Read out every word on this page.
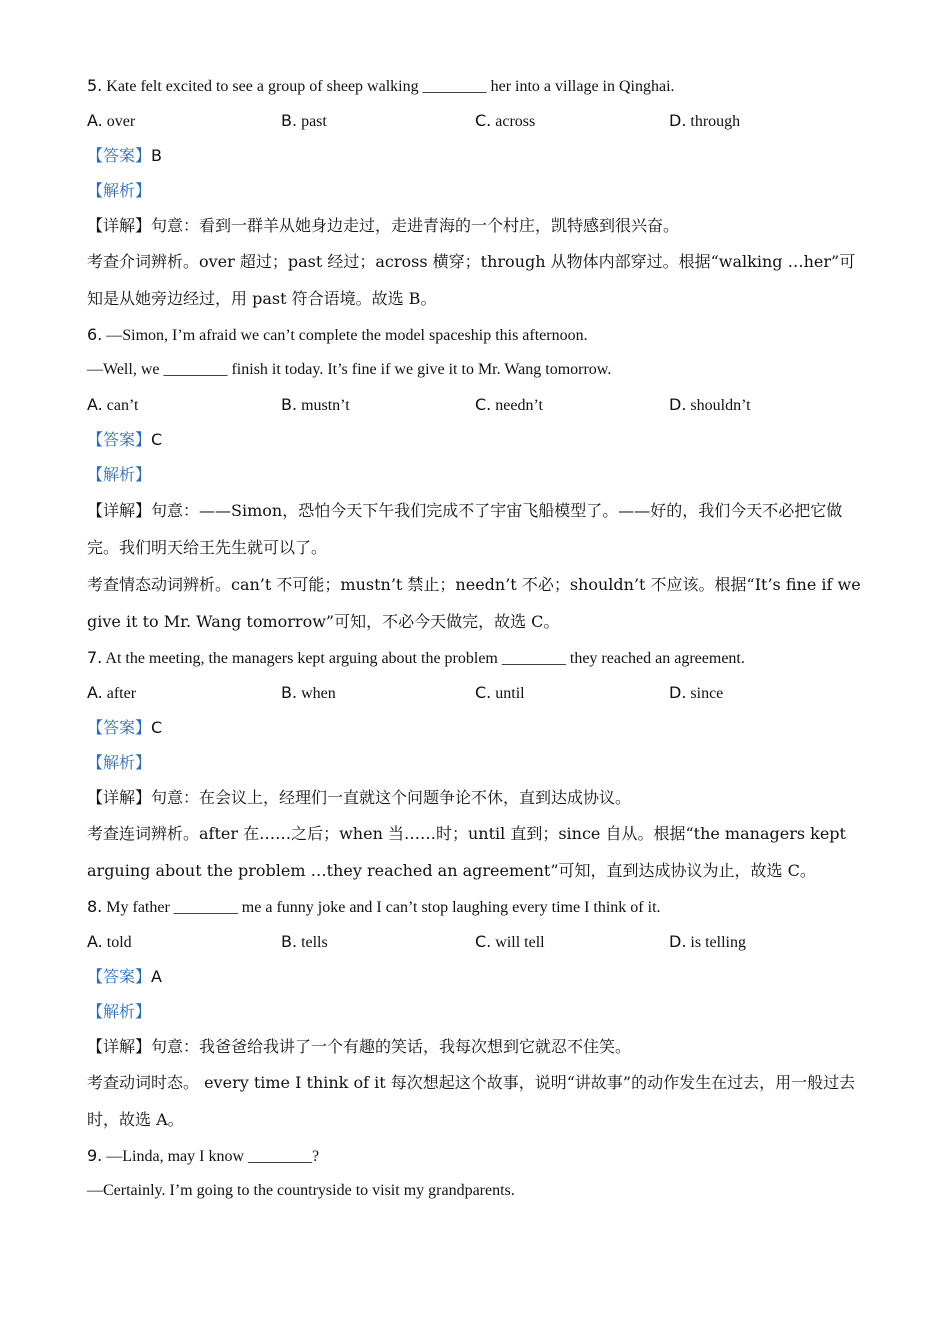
5. Kate felt excited to see a group of sheep walking ________ her into a village in Qinghai.
A. over	B. past	C. across	D. through
【答案】B
【解析】
【详解】句意：看到一群羊从她身边走过，走进青海的一个村庄，凯特感到很兴奋。
考查介词辨析。over 超过；past 经过；across 横穿；through 从物体内部穿过。根据“walking …her”可知是从她旁边经过，用 past 符合语境。故选 B。
6. —Simon, I’m afraid we can’t complete the model spaceship this afternoon.
—Well, we ________ finish it today. It’s fine if we give it to Mr. Wang tomorrow.
A. can’t	B. mustn’t	C. needn’t	D. shouldn’t
【答案】C
【解析】
【详解】句意：——Simon，恐怕今天下午我们完成不了宇宙飞船模型了。——好的，我们今天不必把它做完。我们明天给王先生就可以了。
考查情态动词辨析。can’t 不可能；mustn’t 禁止；needn’t 不必；shouldn’t 不应该。根据“It’s fine if we give it to Mr. Wang tomorrow”可知，不必今天做完，故选 C。
7. At the meeting, the managers kept arguing about the problem ________ they reached an agreement.
A. after	B. when	C. until	D. since
【答案】C
【解析】
【详解】句意：在会议上，经理们一直就这个问题争论不休，直到达成协议。
考查连词辨析。after 在……之后；when 当……时；until 直到；since 自从。根据“the managers kept arguing about the problem …they reached an agreement”可知，直到达成协议为止，故选 C。
8. My father ________ me a funny joke and I can’t stop laughing every time I think of it.
A. told	B. tells	C. will tell	D. is telling
【答案】A
【解析】
【详解】句意：我爸爸给我讲了一个有趣的笑话，我每次想到它就忍不住笑。
考查动词时态。 every time I think of it 每次想起这个故事，说明“讲故事”的动作发生在过去，用一般过去时，故选 A。
9. —Linda, may I know ________?
—Certainly. I’m going to the countryside to visit my grandparents.
